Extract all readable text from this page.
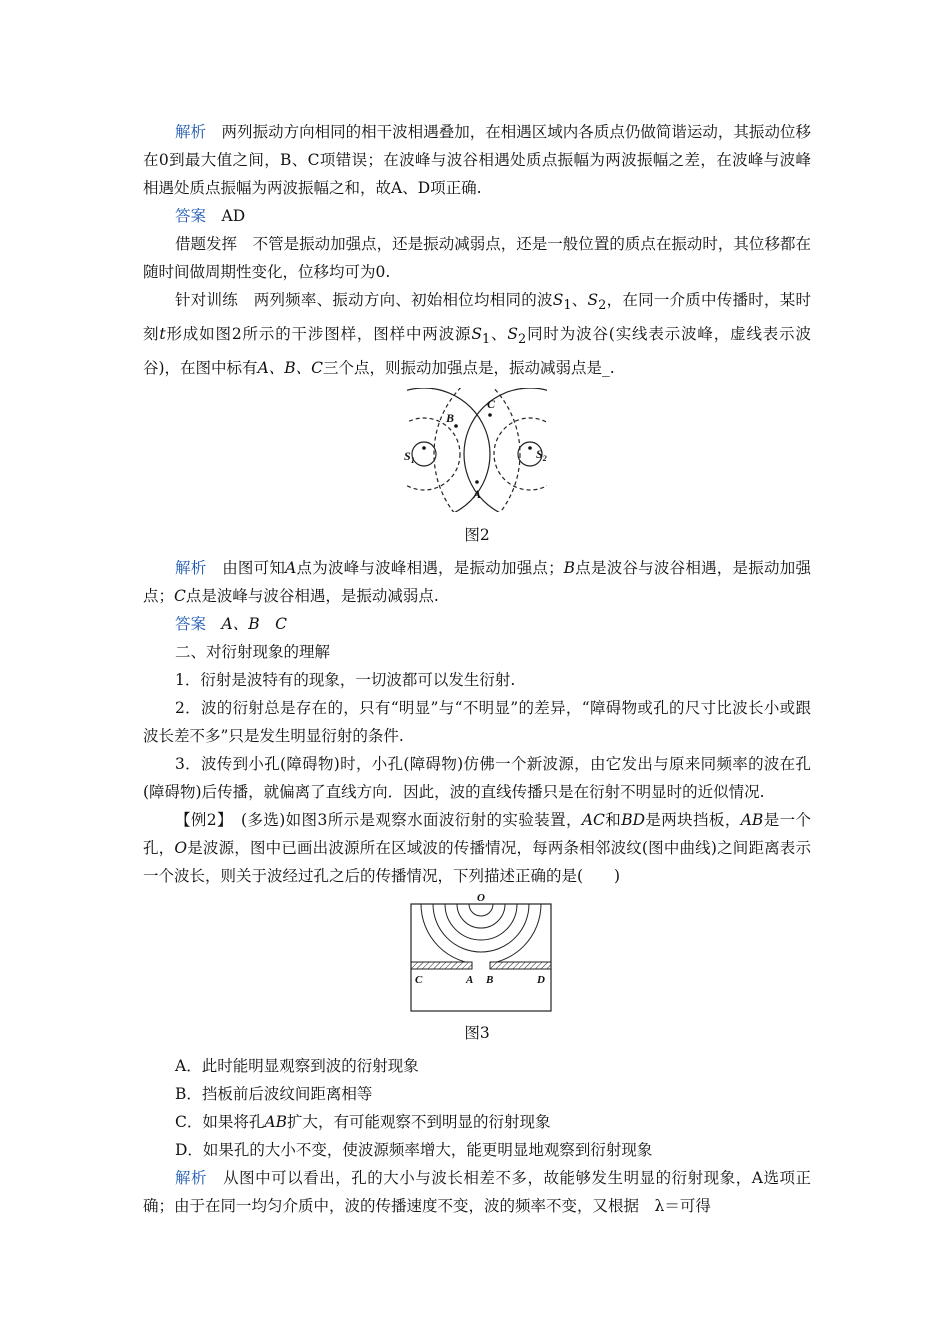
解析　 两列振动方向相同的相干波相遇叠加，在相遇区域内各质点仍做简谐运动，其振动位移在0到最大值之间，B、C项错误；在波峰与波谷相遇处质点振幅为两波振幅之差，在波峰与波峰相遇处质点振幅为两波振幅之和，故A、D项正确.

答案　 AD

借题发挥　 不管是振动加强点，还是振动减弱点，还是一般位置的质点在振动时，其位移都在随时间做周期性变化，位移均可为0.

针对训练　 两列频率、振动方向、初始相位均相同的波$S_1$、$S_2$，在同一介质中传播时，某时刻t形成如图2所示的干涉图样，图样中两波源$S_1$、$S_2$同时为波谷(实线表示波峰，虚线表示波谷)，在图中标有A、B、C三个点，则振动加强点是，振动减弱点是_.

B
C
A
$S_1$	$S_2$

图2

解析　 由图可知A点为波峰与波峰相遇，是振动加强点；B点是波谷与波谷相遇，是振动加强点；C点是波峰与波谷相遇，是振动减弱点.

答案　 A、B　C

二、对衍射现象的理解

1．衍射是波特有的现象，一切波都可以发生衍射.

2．波的衍射总是存在的，只有“明显”与“不明显”的差异，“障碍物或孔的尺寸比波长小或跟波长差不多”只是发生明显衍射的条件.

3．波传到小孔(障碍物)时，小孔(障碍物)仿佛一个新波源，由它发出与原来同频率的波在孔(障碍物)后传播，就偏离了直线方向．因此，波的直线传播只是在衍射不明显时的近似情况.

【例2】　 (多选)如图3所示是观察水面波衍射的实验装置，AC和BD是两块挡板，AB是一个孔，O是波源，图中已画出波源所在区域波的传播情况，每两条相邻波纹(图中曲线)之间距离表示一个波长，则关于波经过孔之后的传播情况，下列描述正确的是(　　)

O
C	A B	D

图3

A．此时能明显观察到波的衍射现象

B．挡板前后波纹间距离相等

C．如果将孔AB扩大，有可能观察不到明显的衍射现象

D．如果孔的大小不变，使波源频率增大，能更明显地观察到衍射现象

解析　 从图中可以看出，孔的大小与波长相差不多，故能够发生明显的衍射现象，A选项正确；由于在同一均匀介质中，波的传播速度不变，波的频率不变，又根据　λ＝可得
